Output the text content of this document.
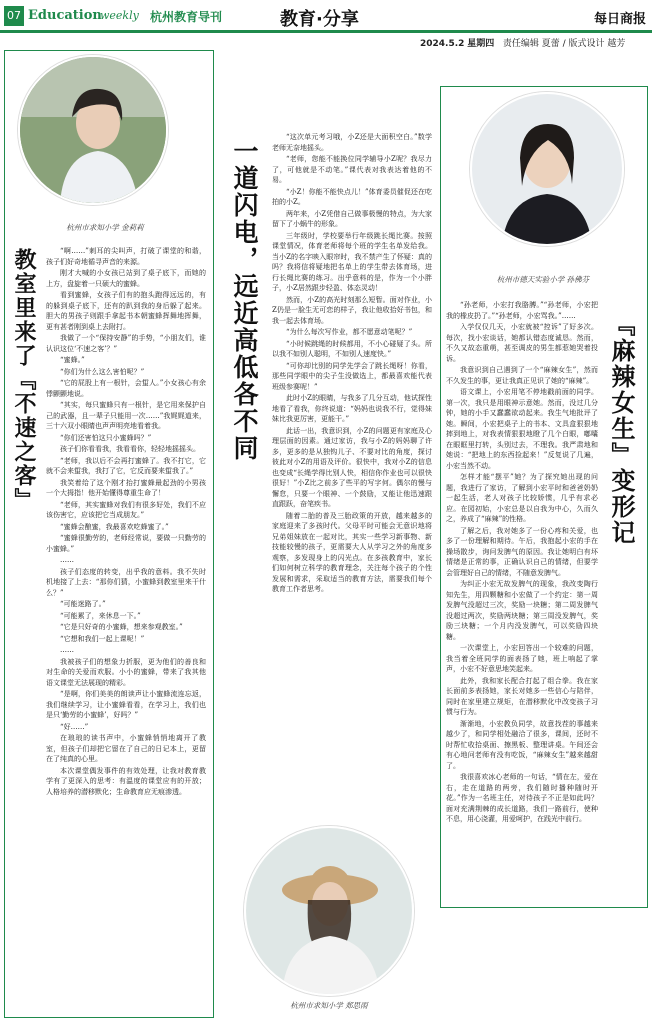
07 Education
weekly 杭州教育导刊	教育·分享	每日商报
2024.5.2 星期四 责任编辑 夏蕾 / 版式设计 越芳
杭州市求知小学 金莉莉
教室里来了『不速之客』	“啊……”刺耳的尖叫声，打破了课堂的和谐，孩子们好奇地循寻声音的来源。

刚才大喊的小女孩已站到了桌子底下，而她的上方，盘旋着一只硕大的蜜蜂。

看到蜜蜂，女孩子们有的抱头跑得远远的，有的躲到桌子底下，还有的趴到我的身后躲了起来。胆大的男孩子则跟手拿起书本朝蜜蜂挥舞地挥舞，更有甚者刚到桌上去附打。

我做了一个“保持安静”的手势，“小朋友们，谁认识这位‘不速之客’？”

“蜜蜂。”

“你们为什么这么害怕呢？”

“它的屁股上有一根针，会蜇人。”小女孩心有余悸颤颤地说。

“其实，每只蜜蜂只有一根针，是它用来保护自己的武器，且一辈子只能用一次……”我娓娓道来，三十六双小眼睛也声声明亮地看着我。

“你们还害怕这只小蜜蜂吗？”

孩子们你看看我，我看看你，轻轻地摇摇头。

“老师，我以后不会再打蜜蜂了。我不打它，它就不会来蜇我，我打了它，它反而要来蜇我了。”

我笑着给了这个刚才抬打蜜蜂最起劲的小男孩一个大拇指！他开始懂得尊重生命了！

“老师，其实蜜蜂对我们有很多好处，我们不应该伤害它，应该把它当成朋友。”

“蜜蜂会酿蜜，我最喜欢吃蜂蜜了。”

“蜜蜂很勤劳的，老师经常说，要做一只勤劳的小蜜蜂。”

……

孩子们态度的转变，出乎我的意料。我不失时机地接了上去：“那你们猜，小蜜蜂到教室里来干什么？”

“可能迷路了。”

“可能累了，来休息一下。”

“它是只好奇的小蜜蜂，想来参观教室。”

“它想和我们一起上课呢！”

……

我被孩子们的想象力折服，更为他们的善良和对生命的关爱而欢服。小小的蜜蜂，带来了我其他语文课堂无法展现的精彩。

“是啊，你们美美的朗读声让小蜜蜂流连忘返，我们继续学习，让小蜜蜂看看，在学习上，我们也是只‘勤劳的小蜜蜂’，好吗？”

“好……”

在琅琅的读书声中，小蜜蜂悄悄地离开了教室，但孩子们却把它留在了自己的日记本上，更留在了纯真的心里。

本次课堂偶发事件的有效处理，让我对教育教学有了更深入的思考：有温度的课堂应有的开放；人格培养的潜移默化；生命教育应无痕渗透。

一道闪电，远近高低各不同

“这次单元考习哦，小Z还是大面积空白。”数学老师无奈地摇头。

“老师，您能不能换位同学辅导小Z呢？我尽力了，可他就是不动笔。”课代表对我表达着他的不易。

“小Z！你能不能快点儿！”体育委员催促还在吃拍的小Z。

两年来，小Z凭借自己做事极慢的特点，为大家留下了小蜗牛的形象。

三年级时，学校要举行年级跳长绳比赛。按照课堂情况，体育老师将每个班的学生名单发给我。当小Z的名字映入眼帘时，我不禁产生了怀疑：真的吗？我将信将疑地把名单上的学生带去体育场，进行长绳比赛的练习。出乎意料的是，作为一个小胖子，小Z居然跟步轻盈、体态灵动！

然而，小Z的高光时刻那么短暂。面对作业，小Z仍是一脸生无可恋的样子，我让他收拾好书包，和我一起去体育场。

“为什么每次写作业，都不愿意动笔呢？”

“小时候跳绳的时候都用，不小心碰疑了头。所以我不如别人聪明，不如别人速度快。”

“可你却比别的同学先学会了跳长绳呀！你看，那些同学眼中的尖子生没做选上，都最喜欢能代表班级参赛呢！”

此时小Z的眼睛，与我多了几分互动，他试探性地看了看我，你终说道：“妈妈也说我不行，觉得妹妹比我更厉害，更能干。”

此话一出，我意识到，小Z的问题更有家庭及心理层面的因素。通过家访，我与小Z的妈妈聊了许多，更多的是从独钩儿子、不要对比的角度，探讨彼此对小Z的用语及评价。很快中，我对小Z的信息也变成“长绳学得比别人快，相信你作业也可以很快很好！”小Z比之前多了些平的写字何。偶尔的慢与懈怠，只要一个眼神、一个鼓励，又能让他迅速跟直跟跃，奋笔疾书。

随着二胎的普及三胎政策的开放，越来越多的家庭迎来了多孩时代。父母平时可能会无意识地将兄弟姐妹放在一起对比，其实一些学习新事物、新技能较慢的孩子，更需要大人从学习之外的角度多观察，多发现身上的闪光点。在多孩教育中，家长们如何树立科学的教育理念，关注每个孩子的个性发展和需求，采取适当的教育方法，需要我们每个教育工作者思考。

杭州市求知小学 郑思雨
杭州市德天实验小学 孙佛芬
『麻辣女生』变形记

“孙老师，小宏打我胳膊。”“孙老师，小宏把我的橡皮扔了。”“孙老师，小宏骂我。”……

入学仅仅几天，小宏就被“控诉”了好多次。每次，找小宏谈话，她都认错态度诚恳。然而，不久又故态重萌，甚至调皮的男生都惹她哭着投诉。

我意识到自己遇到了一个“麻辣女生”，然而不久发生的事，更让我真正见识了她的“麻辣”。

语文课上，小宏用笔不停地戳前面的同学。第一次，我只是用眼神示意她。然而，没过几分钟，她的小手又蠢蠢欲动起来。我生气地批评了她。瞬间，小宏把桌子上的书本、文具盒狠狠地摔到地上，对我表情狠狠地瞪了几个白眼，嘟囔在眼眶里打转，头别过去，不理我。我严肃地和她说：“把地上的东西捡起来！”反复说了几遍，小宏当然不动。

怎样才能“摆平”她？为了探究她出现的问题，我进行了家访，了解到小宏平时和爸爸奶奶一起生活，老人对孩子比较娇惯，几乎有求必应。在园初始，小宏总是以自我为中心，久而久之，养成了“麻辣”的性格。

了解之后，我对她多了一份心疼和关爱，也多了一份理解和期待。午后，我抱起小宏的手在操场散步，询问发脾气的原因。我让她明白有坏情绪是正常的事，正确认识自己的情绪，但要学会管理好自己的情绪，不随意发脾气。

为纠正小宏无故发脾气的现象，我改变陶行知先生，用四颗糖和小宏做了一个约定：第一周发脾气没超过三次，奖励一块糖；第二周发脾气没超过两次，奖励两块糖；第三周没发脾气，奖励三块糖；一个月内没发脾气，可以奖励四块糖。

一次课堂上，小宏回答出一个较难的问题，我当着全班同学的面表扬了她，班上响起了掌声，小宏不好意思地笑起来。

此外，我和家长配合打起了组合拳。我在家长面前多表扬她，家长对她多一些信心与陪伴，同时在家里建立规矩，在潜移默化中改变孩子习惯与行为。

渐渐地，小宏教负同学，故意找茬的事越来越少了，和同学相处融洽了很多，课间，还时不时帮忙收拾桌面、擦黑板、整理讲桌。午间还会有心地问老师有没有吃饭，“麻辣女生”越来越甜了。

我很喜欢冰心老师的一句话，“情在左，爱在右，走在道路的两旁，我们随时播种随时开花。”作为一名班主任，对待孩子不正是如此吗？面对充满荆棘的成长道路，我们一路前行，使种不息，用心浇灌，用爱呵护，在践光中前行。
